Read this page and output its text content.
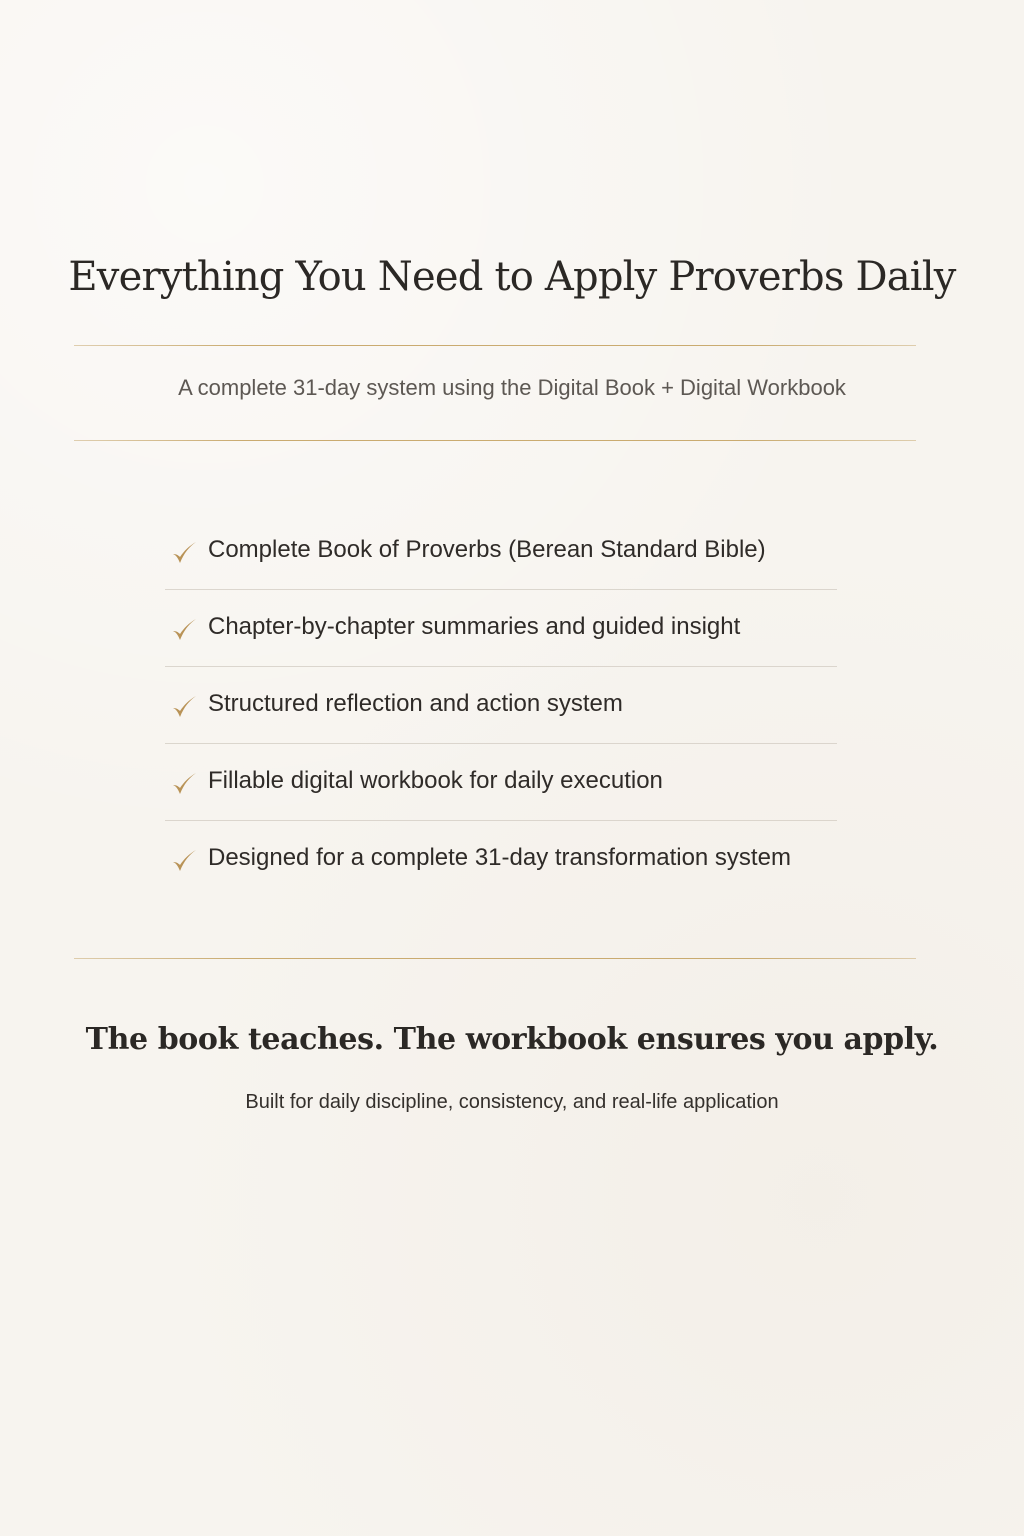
Everything You Need to Apply Proverbs Daily

A complete 31-day system using the Digital Book + Digital Workbook

Complete Book of Proverbs (Berean Standard Bible)
Chapter-by-chapter summaries and guided insight
Structured reflection and action system
Fillable digital workbook for daily execution
Designed for a complete 31-day transformation system
The book teaches. The workbook ensures you apply.

Built for daily discipline, consistency, and real-life application
